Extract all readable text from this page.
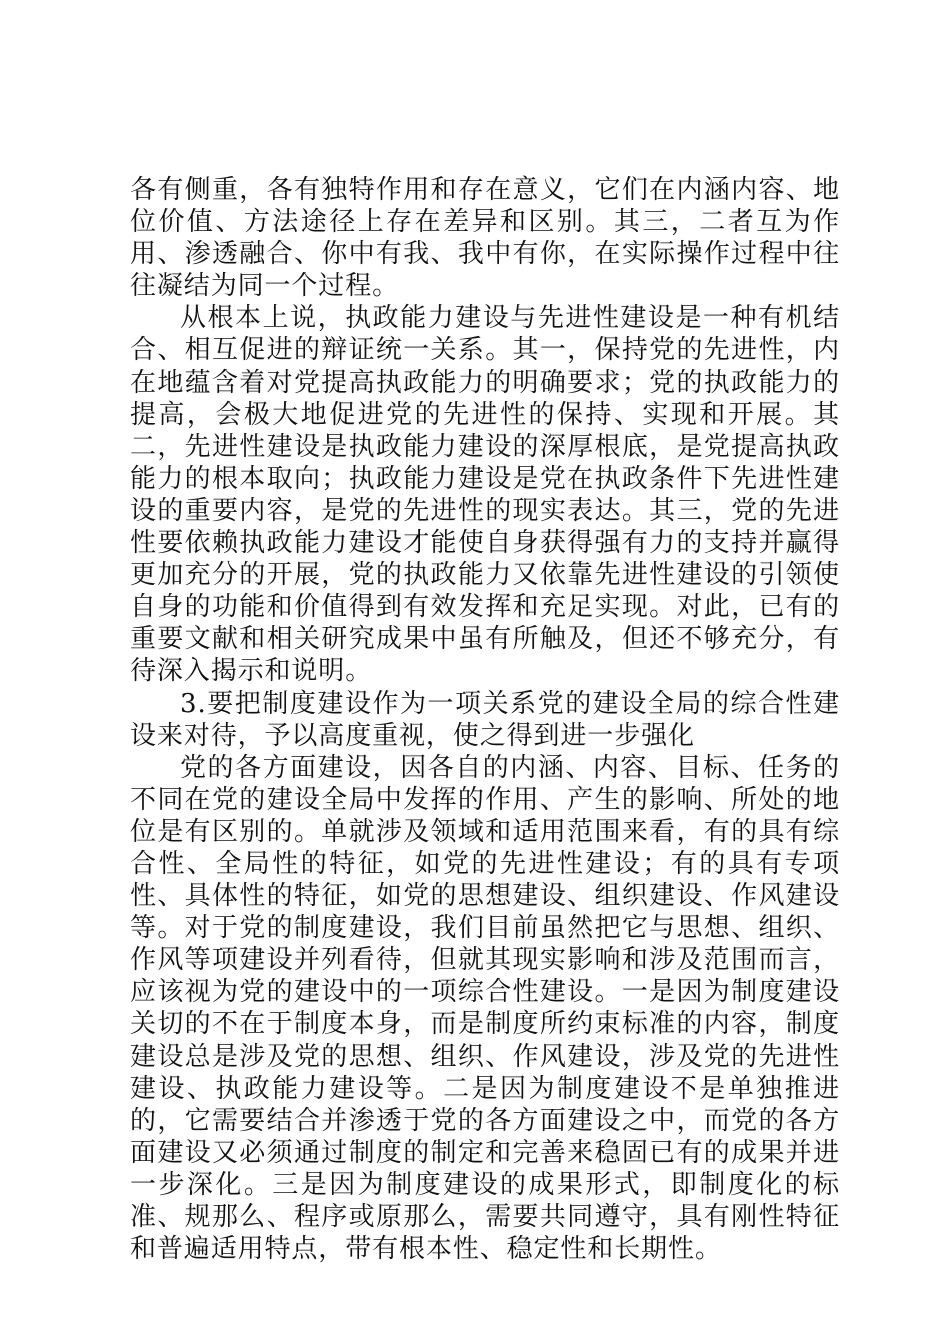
各有侧重，各有独特作用和存在意义，它们在内涵内容、地位价值、方法途径上存在差异和区别。其三，二者互为作用、渗透融合、你中有我、我中有你，在实际操作过程中往往凝结为同一个过程。

从根本上说，执政能力建设与先进性建设是一种有机结合、相互促进的辩证统一关系。其一，保持党的先进性，内在地蕴含着对党提高执政能力的明确要求；党的执政能力的提高，会极大地促进党的先进性的保持、实现和开展。其二，先进性建设是执政能力建设的深厚根底，是党提高执政能力的根本取向；执政能力建设是党在执政条件下先进性建设的重要内容，是党的先进性的现实表达。其三，党的先进性要依赖执政能力建设才能使自身获得强有力的支持并赢得更加充分的开展，党的执政能力又依靠先进性建设的引领使自身的功能和价值得到有效发挥和充足实现。对此，已有的重要文献和相关研究成果中虽有所触及，但还不够充分，有待深入揭示和说明。

3.要把制度建设作为一项关系党的建设全局的综合性建设来对待，予以高度重视，使之得到进一步强化

党的各方面建设，因各自的内涵、内容、目标、任务的不同在党的建设全局中发挥的作用、产生的影响、所处的地位是有区别的。单就涉及领域和适用范围来看，有的具有综合性、全局性的特征，如党的先进性建设；有的具有专项性、具体性的特征，如党的思想建设、组织建设、作风建设等。对于党的制度建设，我们目前虽然把它与思想、组织、作风等项建设并列看待，但就其现实影响和涉及范围而言，应该视为党的建设中的一项综合性建设。一是因为制度建设关切的不在于制度本身，而是制度所约束标准的内容，制度建设总是涉及党的思想、组织、作风建设，涉及党的先进性建设、执政能力建设等。二是因为制度建设不是单独推进的，它需要结合并渗透于党的各方面建设之中，而党的各方面建设又必须通过制度的制定和完善来稳固已有的成果并进一步深化。三是因为制度建设的成果形式，即制度化的标准、规那么、程序或原那么，需要共同遵守，具有刚性特征和普遍适用特点，带有根本性、稳定性和长期性。
